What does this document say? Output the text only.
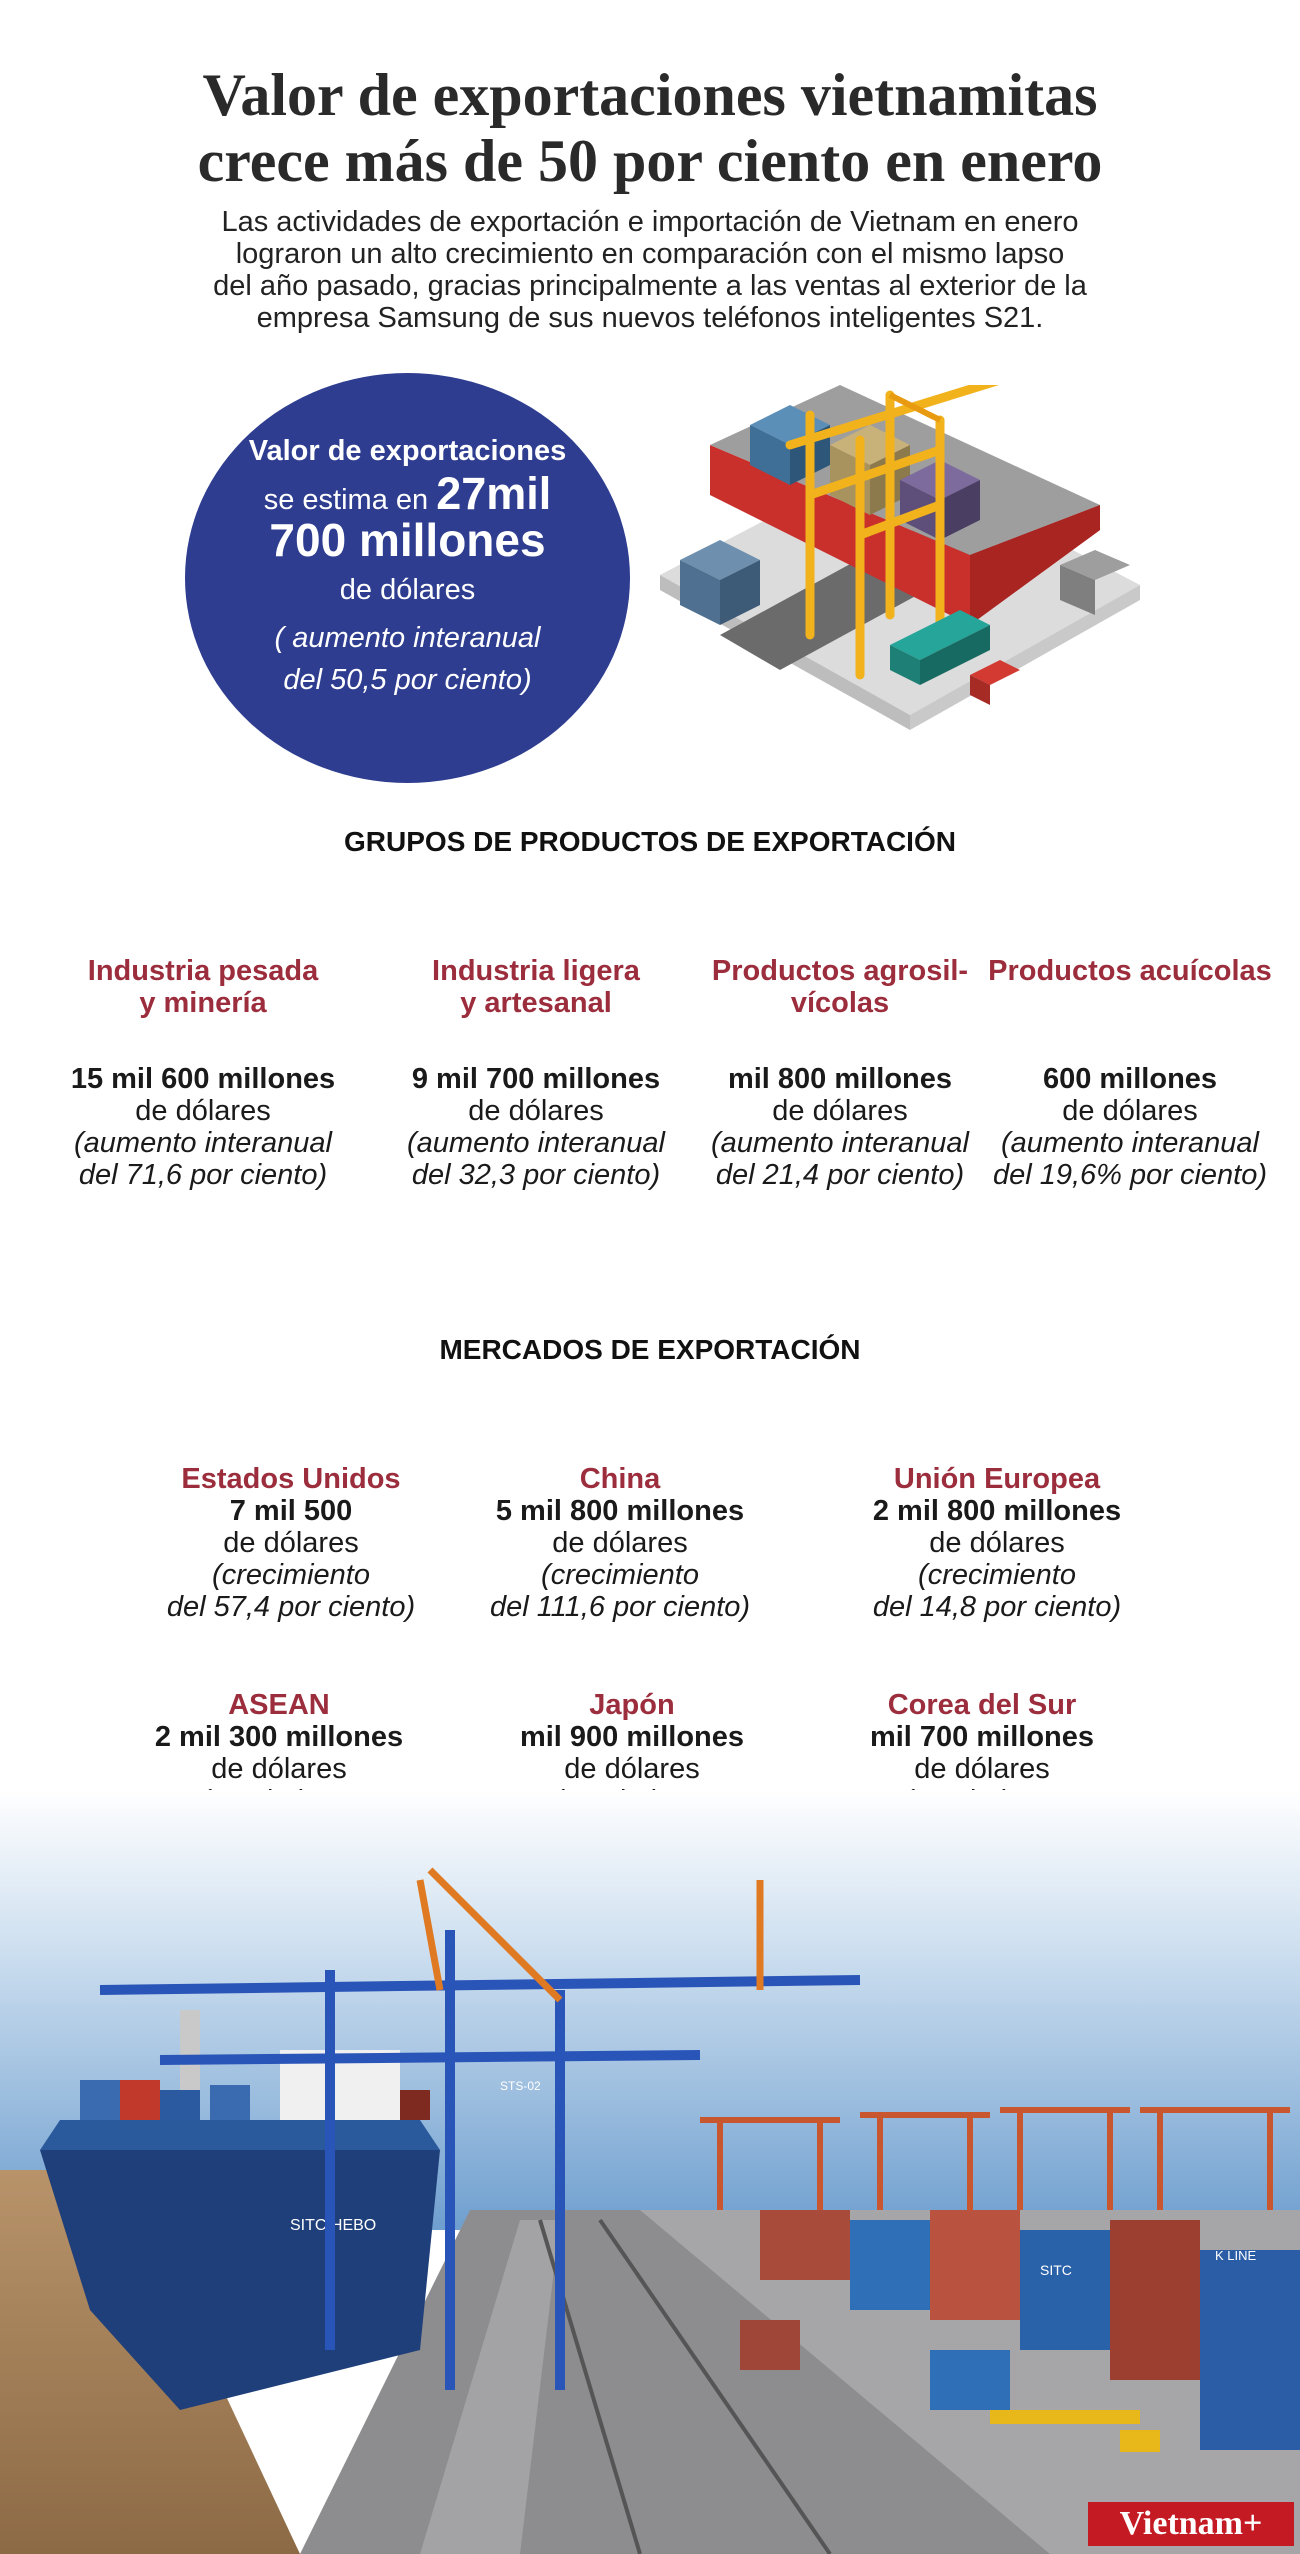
Valor de exportaciones vietnamitas
crece más de 50 por ciento en enero
Las actividades de exportación e importación de Vietnam en enero
lograron un alto crecimiento en comparación con el mismo lapso
del año pasado, gracias principalmente a las ventas al exterior de la
empresa Samsung de sus nuevos teléfonos inteligentes S21.
Valor de exportaciones
se estima en 27mil
700 millones
de dólares
( aumento interanual
del 50,5 por ciento)
GRUPOS DE PRODUCTOS DE EXPORTACIÓN
Industria pesada
y minería
15 mil 600 millones
de dólares
(aumento interanual
del 71,6 por ciento)
Industria ligera
y artesanal
9 mil 700 millones
de dólares
(aumento interanual
del 32,3 por ciento)
Productos agrosil-
vícolas
mil 800 millones
de dólares
(aumento interanual
del 21,4 por ciento)
Productos acuícolas
600 millones
de dólares
(aumento interanual
del 19,6% por ciento)
MERCADOS DE EXPORTACIÓN
Estados Unidos
7 mil 500
de dólares
(crecimiento
del 57,4 por ciento)
China
5 mil 800 millones
de dólares
(crecimiento
del 111,6 por ciento)
Unión Europea
2 mil 800 millones
de dólares
(crecimiento
del 14,8 por ciento)
ASEAN
2 mil 300 millones
de dólares
Japón
mil 900 millones
de dólares
Corea del Sur
mil 700 millones
de dólares
SITC HEBO
STS-02
SITC
K LINE
Vietnam+
